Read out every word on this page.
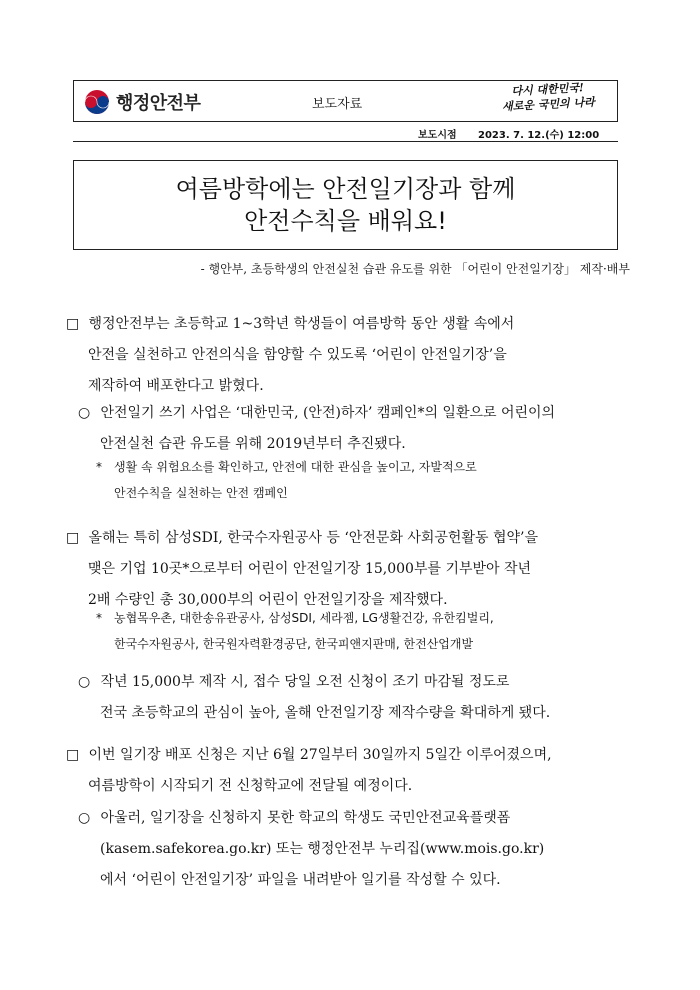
행정안전부	보도자료
다시 대한민국!
새로운 국민의 나라
보도시점 2023. 7. 12.(수) 12:00
여름방학에는 안전일기장과 함께
안전수칙을 배워요!
- 행안부, 초등학생의 안전실천 습관 유도를 위한 「어린이 안전일기장」 제작·배부
□ 행정안전부는 초등학교 1~3학년 학생들이 여름방학 동안 생활 속에서
안전을 실천하고 안전의식을 함양할 수 있도록 ‘어린이 안전일기장’을
제작하여 배포한다고 밝혔다.
○ 안전일기 쓰기 사업은 ‘대한민국, (안전)하자’ 캠페인*의 일환으로 어린이의
안전실천 습관 유도를 위해 2019년부터 추진됐다.
* 생활 속 위험요소를 확인하고, 안전에 대한 관심을 높이고, 자발적으로
안전수칙을 실천하는 안전 캠페인
□ 올해는 특히 삼성SDI, 한국수자원공사 등 ‘안전문화 사회공헌활동 협약’을
맺은 기업 10곳*으로부터 어린이 안전일기장 15,000부를 기부받아 작년
2배 수량인 총 30,000부의 어린이 안전일기장을 제작했다.
* 농협목우촌, 대한송유관공사, 삼성SDI, 세라젬, LG생활건강, 유한킴벌리,
한국수자원공사, 한국원자력환경공단, 한국피앤지판매, 한전산업개발
○ 작년 15,000부 제작 시, 접수 당일 오전 신청이 조기 마감될 정도로
전국 초등학교의 관심이 높아, 올해 안전일기장 제작수량을 확대하게 됐다.
□ 이번 일기장 배포 신청은 지난 6월 27일부터 30일까지 5일간 이루어졌으며,
여름방학이 시작되기 전 신청학교에 전달될 예정이다.
○ 아울러, 일기장을 신청하지 못한 학교의 학생도 국민안전교육플랫폼
(kasem.safekorea.go.kr) 또는 행정안전부 누리집(www.mois.go.kr)
에서 ‘어린이 안전일기장’ 파일을 내려받아 일기를 작성할 수 있다.
